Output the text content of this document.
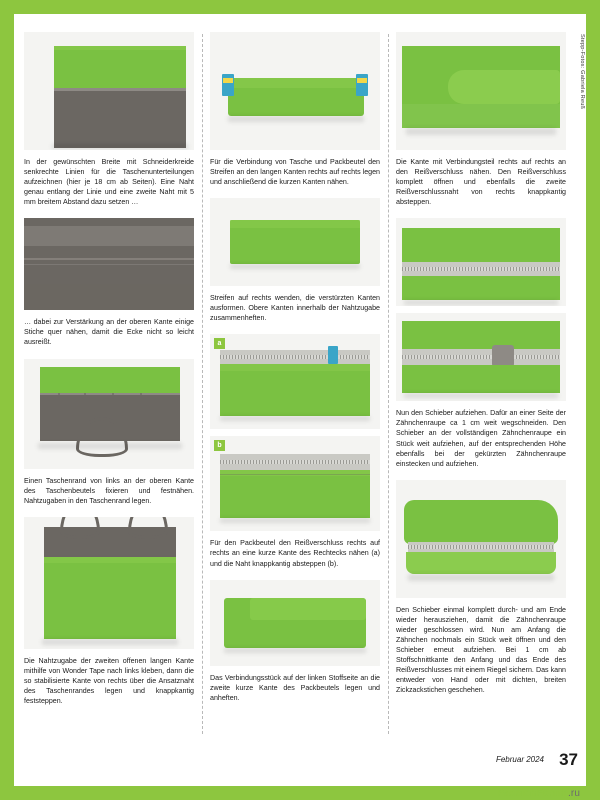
In der gewünschten Breite mit Schneiderkreide senkrechte Linien für die Taschenunterteilungen aufzeichnen (hier je 18 cm ab Seiten). Eine Naht genau entlang der Linie und eine zweite Naht mit 5 mm breitem Abstand dazu setzen …

… dabei zur Verstärkung an der oberen Kante einige Stiche quer nähen, damit die Ecke nicht so leicht ausreißt.

Einen Taschenrand von links an der oberen Kante des Taschenbeutels fixieren und festnähen. Nahtzugaben in den Taschenrand legen.

Die Nahtzugabe der zweiten offenen langen Kante mithilfe von Wonder Tape nach links kleben, dann die so stabilisierte Kante von rechts über die Ansatznaht des Taschenrandes legen und knappkantig feststeppen.

Für die Verbindung von Tasche und Packbeutel den Streifen an den langen Kanten rechts auf rechts legen und anschließend die kurzen Kanten nähen.

Streifen auf rechts wenden, die verstürzten Kanten ausformen. Obere Kanten innerhalb der Nahtzugabe zusammenheften.

a
b

Für den Packbeutel den Reißverschluss rechts auf rechts an eine kurze Kante des Rechtecks nähen (a) und die Naht knappkantig absteppen (b).

Das Verbindungsstück auf der linken Stoffseite an die zweite kurze Kante des Packbeutels legen und anheften.

Die Kante mit Verbindungsteil rechts auf rechts an den Reißverschluss nähen. Den Reißverschluss komplett öffnen und ebenfalls die zweite Reißverschlussnaht von rechts knappkantig absteppen.

Nun den Schieber aufziehen. Dafür an einer Seite der Zähnchenraupe ca 1 cm weit wegschneiden. Den Schieber an der vollständigen Zähnchenraupe ein Stück weit aufziehen, auf der entsprechenden Höhe ebenfalls bei der gekürzten Zähnchenraupe einstecken und aufziehen.

Den Schieber einmal komplett durch- und am Ende wieder herausziehen, damit die Zähnchenraupe wieder geschlossen wird. Nun am Anfang die Zähnchen nochmals ein Stück weit öffnen und den Schieber erneut aufziehen. Bei 1 cm ab Stoffschnittkante den Anfang und das Ende des Reißverschlusses mit einem Riegel sichern. Das kann entweder von Hand oder mit dichten, breiten Zickzackstichen geschehen.

Stepp-Fotos: Gabriela Reuß
Februar 2024 37
PassionForum.ru
